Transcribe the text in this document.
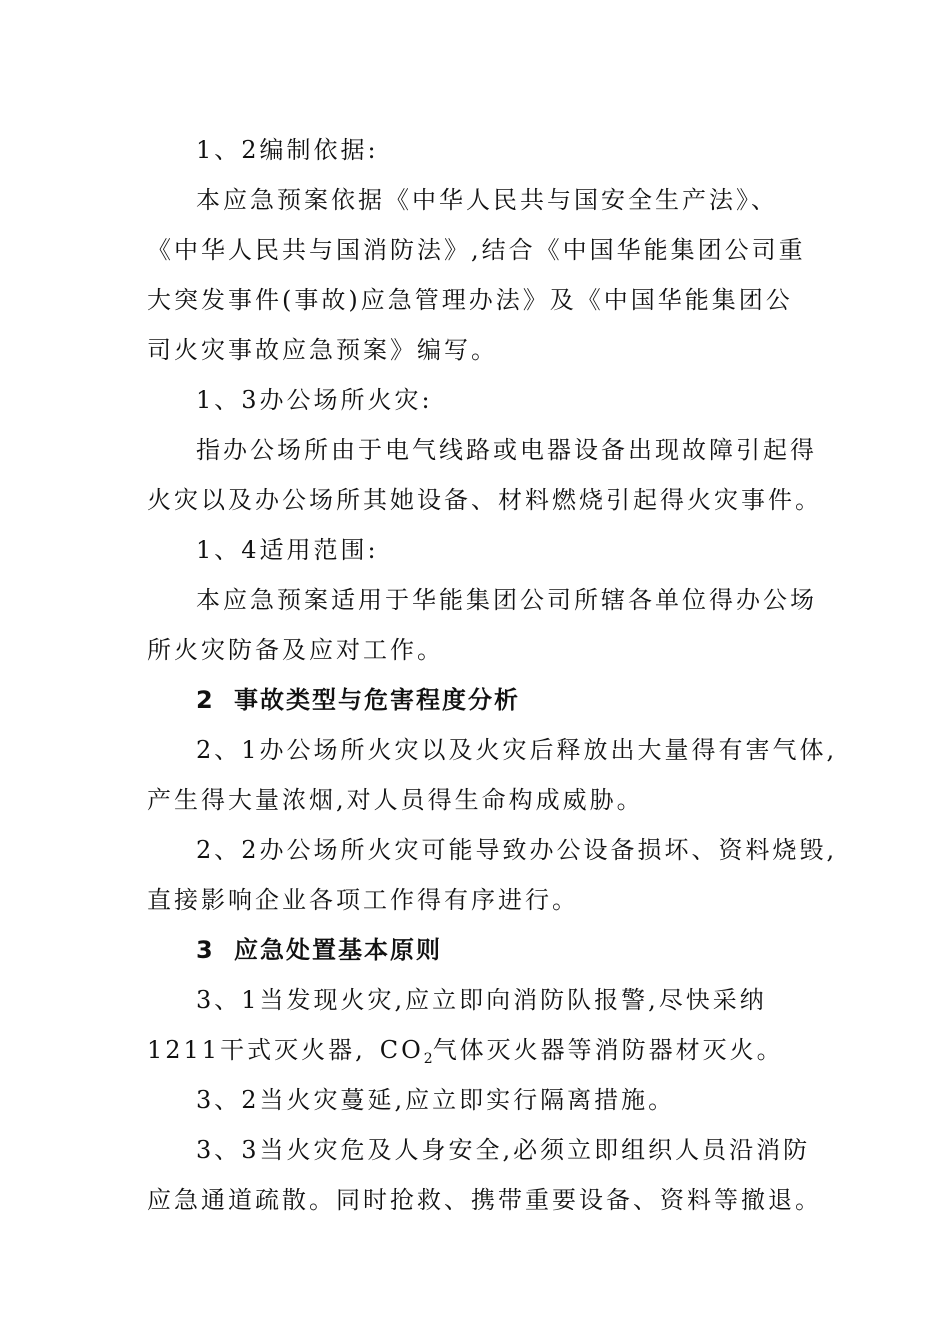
1、2编制依据:
本应急预案依据《中华人民共与国安全生产法》、
《中华人民共与国消防法》,结合《中国华能集团公司重
大突发事件(事故)应急管理办法》及《中国华能集团公
司火灾事故应急预案》编写。
1、3办公场所火灾:
指办公场所由于电气线路或电器设备出现故障引起得
火灾以及办公场所其她设备、材料燃烧引起得火灾事件。
1、4适用范围:
本应急预案适用于华能集团公司所辖各单位得办公场
所火灾防备及应对工作。
2 事故类型与危害程度分析
2、1办公场所火灾以及火灾后释放出大量得有害气体,
产生得大量浓烟,对人员得生命构成威胁。
2、2办公场所火灾可能导致办公设备损坏、资料烧毁,
直接影响企业各项工作得有序进行。
3 应急处置基本原则
3、1当发现火灾,应立即向消防队报警,尽快采纳
1211干式灭火器, $CO_2$气体灭火器等消防器材灭火。
3、2当火灾蔓延,应立即实行隔离措施。
3、3当火灾危及人身安全,必须立即组织人员沿消防
应急通道疏散。同时抢救、携带重要设备、资料等撤退。
